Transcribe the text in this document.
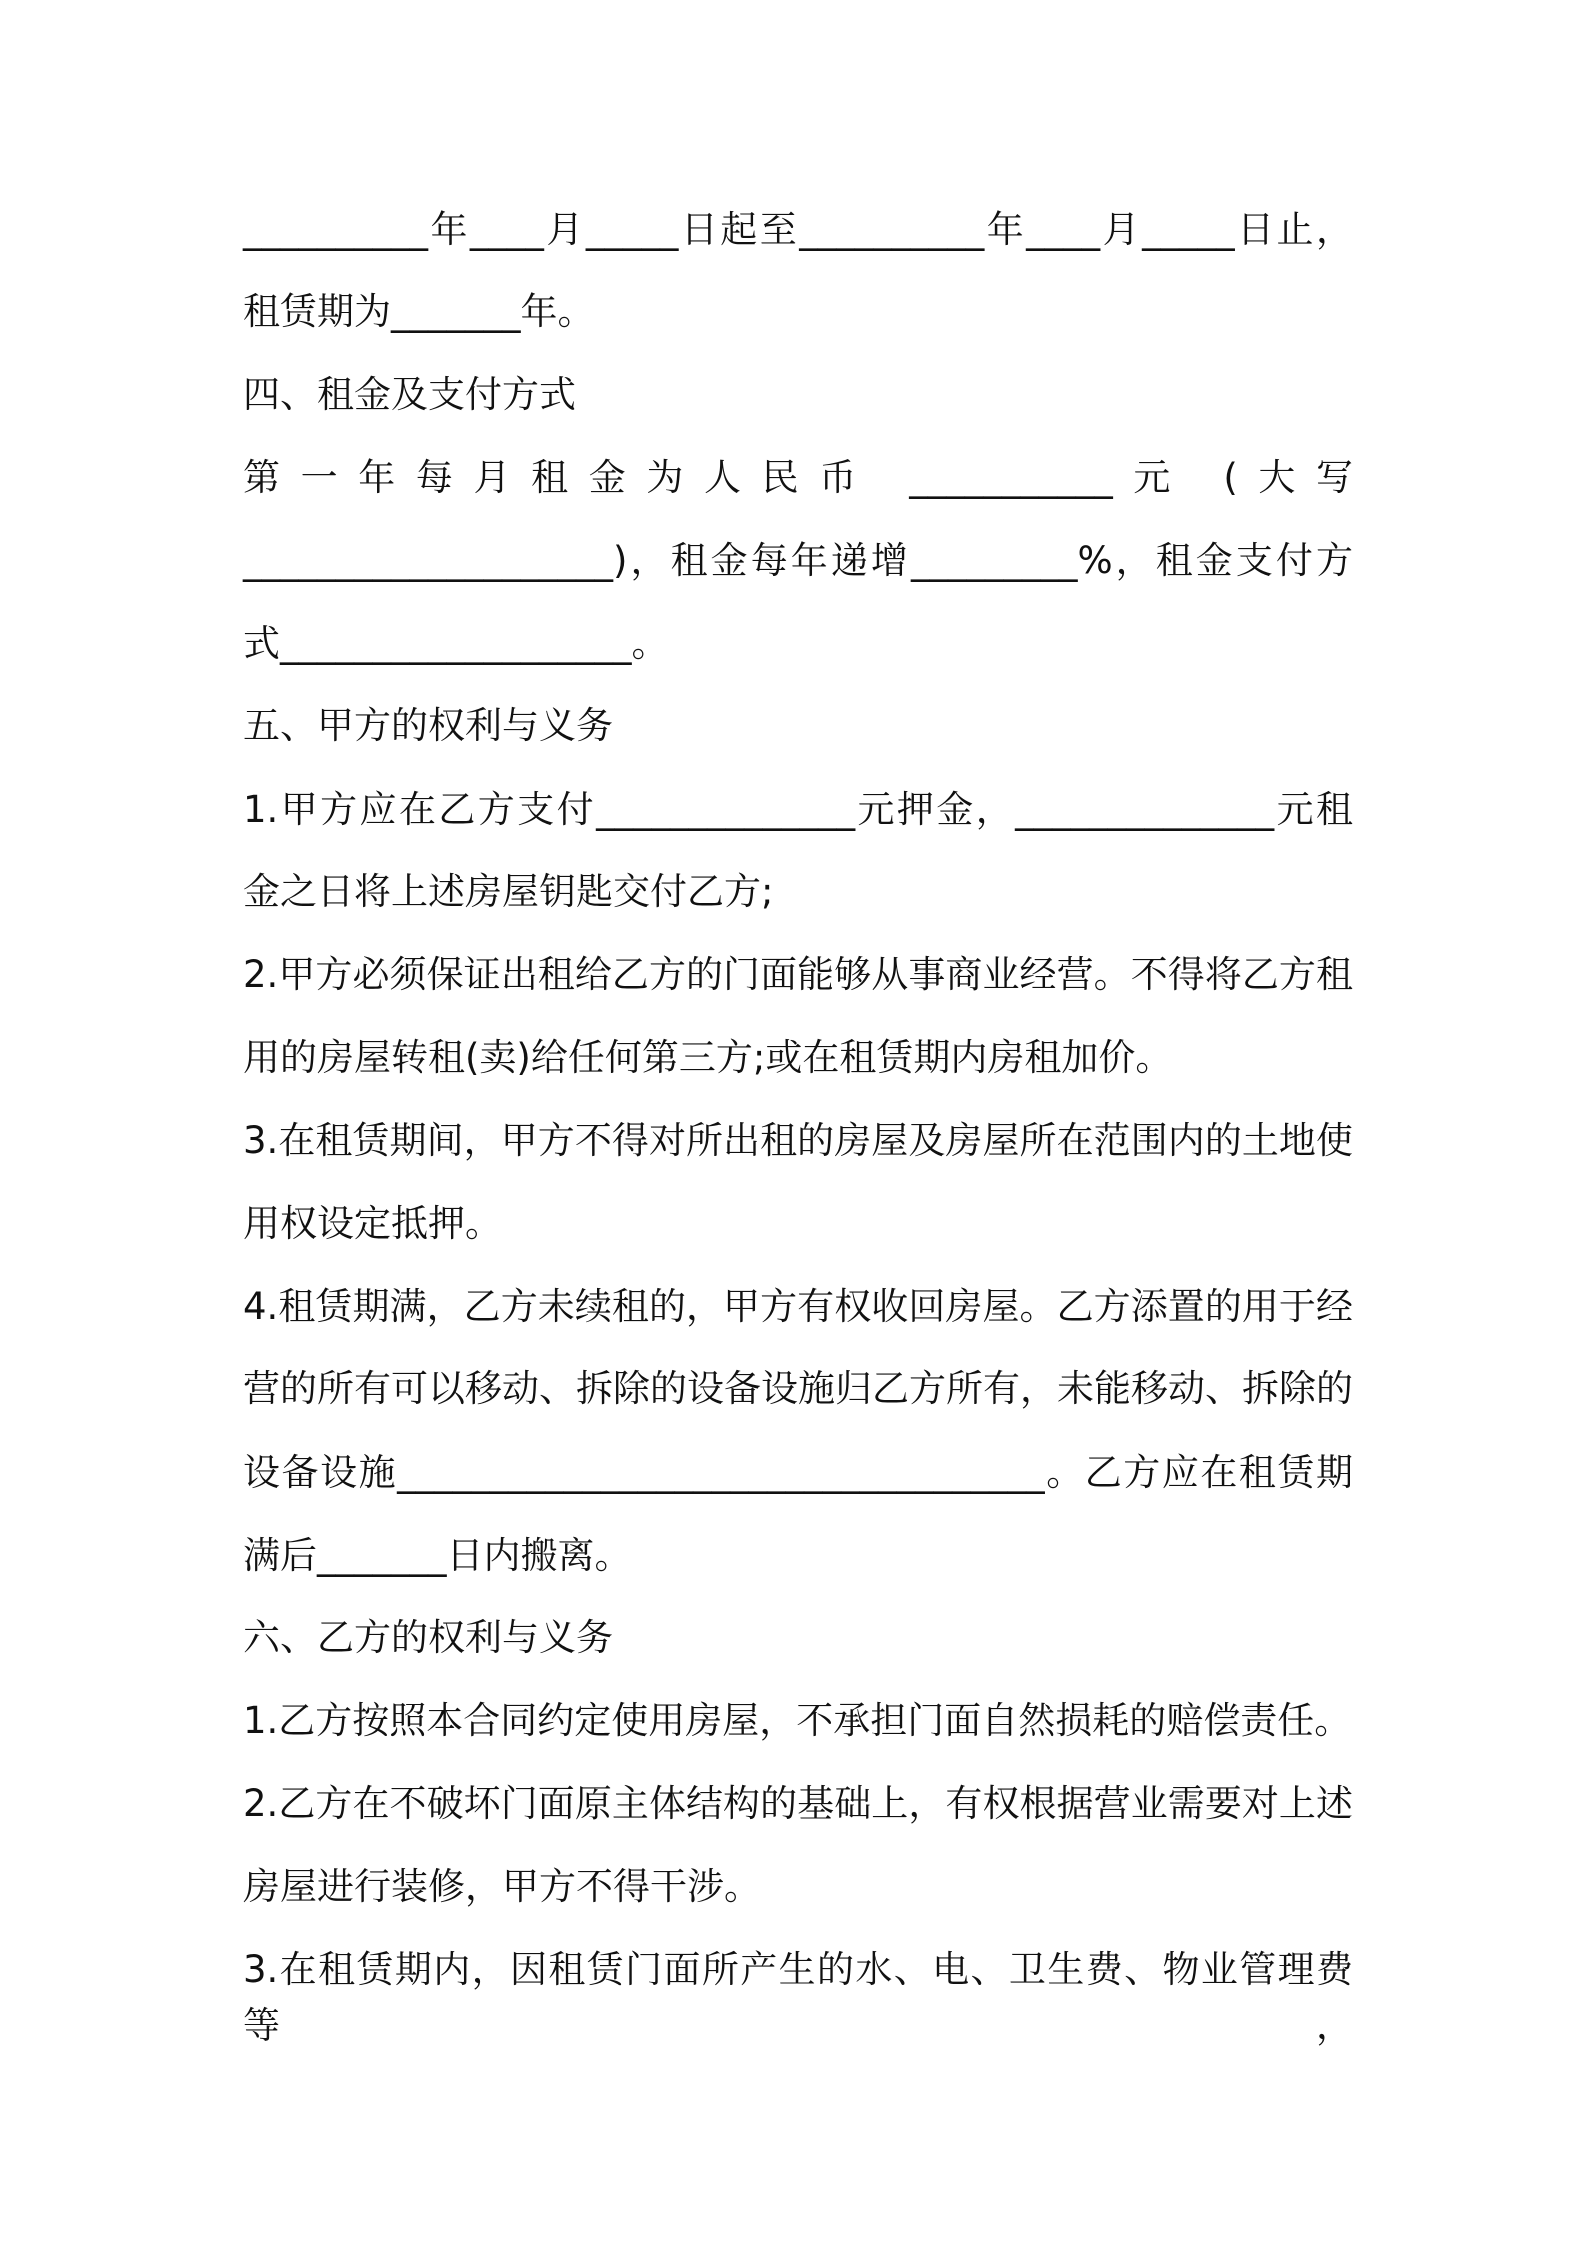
__________年____月_____日起至__________年____月_____日止，
租赁期为_______年。
四、租金及支付方式
第一年每月租金为人民币 ___________元 (大写
____________________)，租金每年递增_________%，租金支付方
式___________________。
五、甲方的权利与义务
1.甲方应在乙方支付______________元押金，______________元租
金之日将上述房屋钥匙交付乙方;
2.甲方必须保证出租给乙方的门面能够从事商业经营。不得将乙方租
用的房屋转租(卖)给任何第三方;或在租赁期内房租加价。
3.在租赁期间，甲方不得对所出租的房屋及房屋所在范围内的土地使
用权设定抵押。
4.租赁期满，乙方未续租的，甲方有权收回房屋。乙方添置的用于经
营的所有可以移动、拆除的设备设施归乙方所有，未能移动、拆除的
设备设施___________________________________。乙方应在租赁期
满后_______日内搬离。
六、乙方的权利与义务
1.乙方按照本合同约定使用房屋，不承担门面自然损耗的赔偿责任。
2.乙方在不破坏门面原主体结构的基础上，有权根据营业需要对上述
房屋进行装修，甲方不得干涉。
3.在租赁期内，因租赁门面所产生的水、电、卫生费、物业管理费等，
